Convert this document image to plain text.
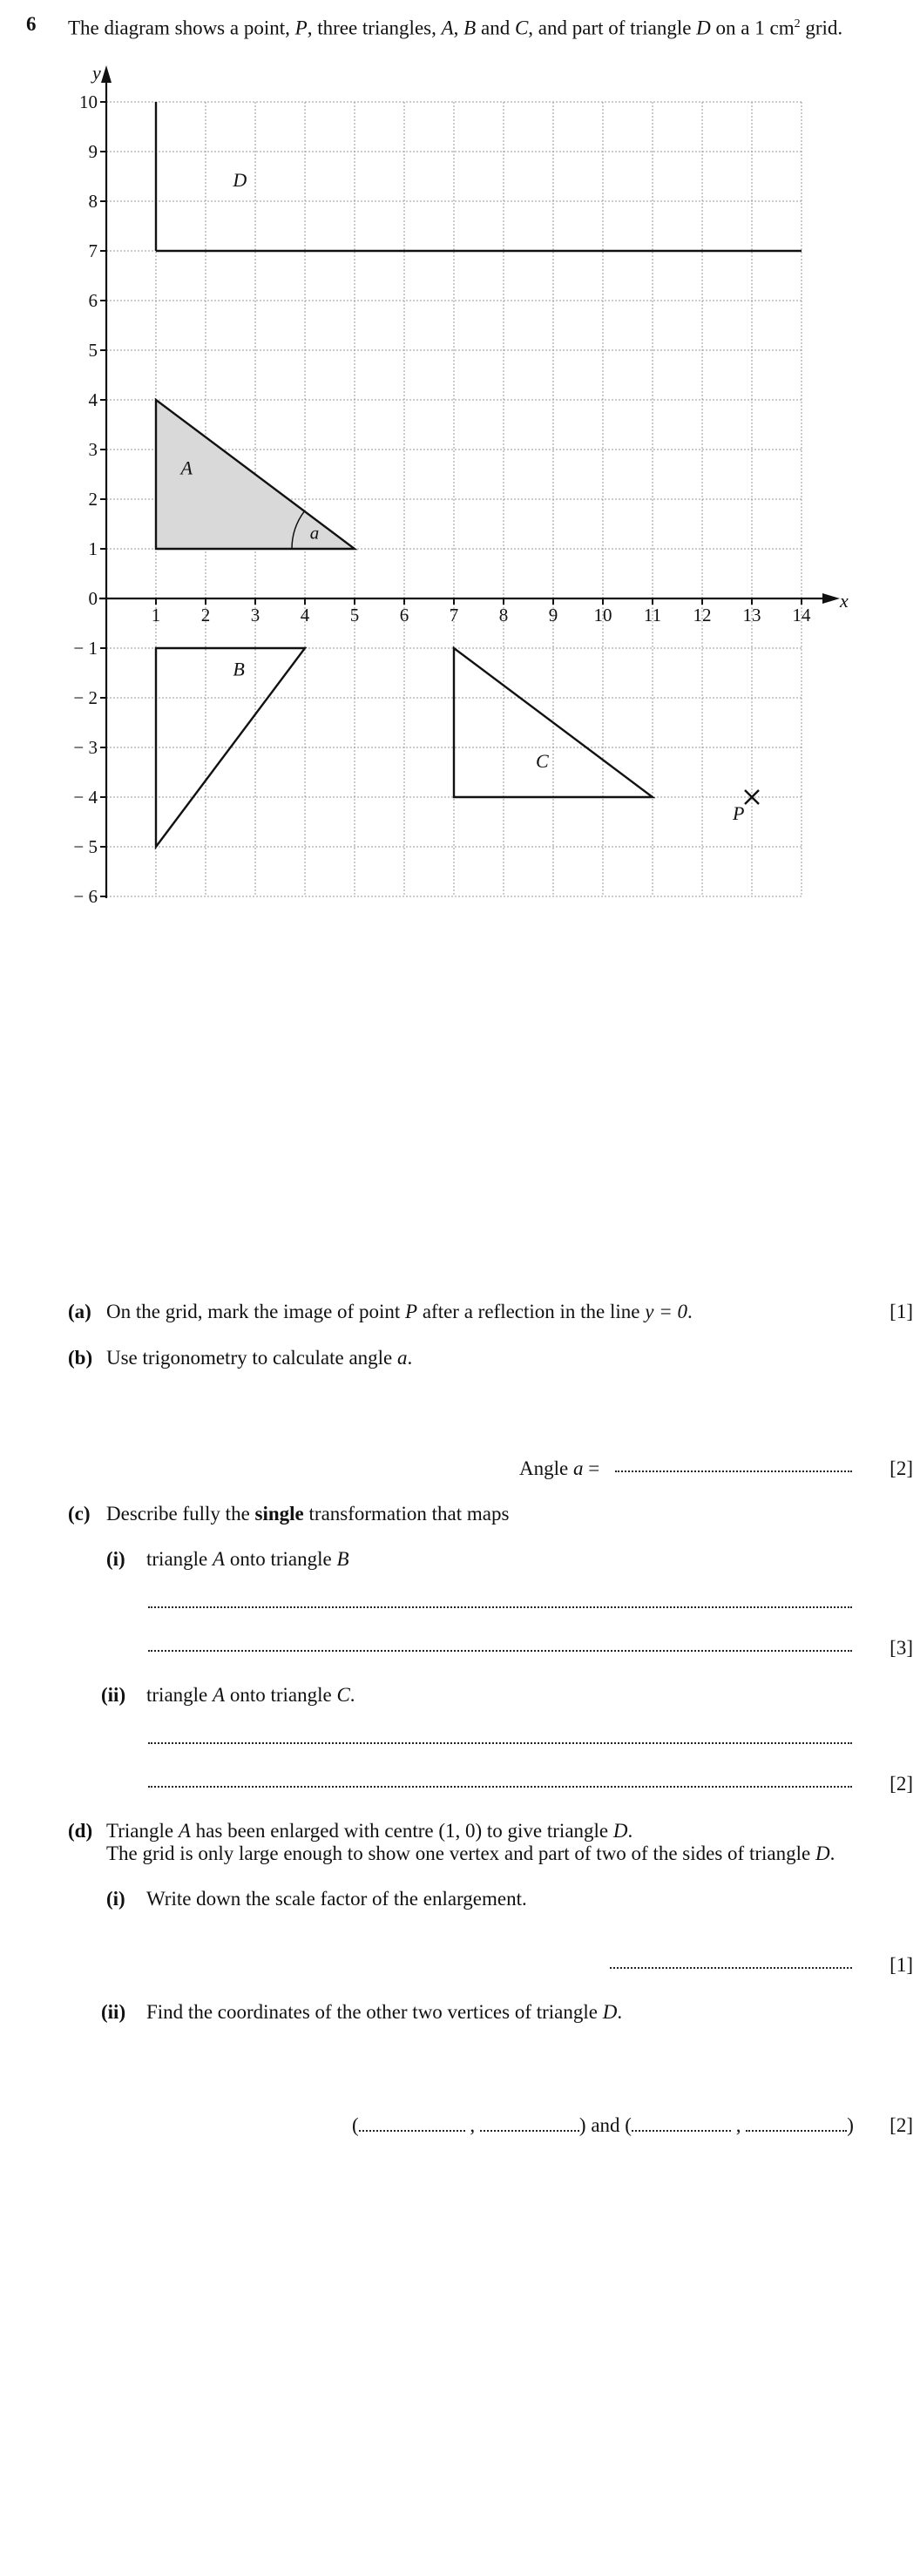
6 The diagram shows a point, P, three triangles, A, B and C, and part of triangle D on a 1 $cm^2$ grid.
10
9
8
7
6
5
4
3
2
1
0
− 1
− 2
− 3
− 4
− 5
− 6
1 2 3 4 5 6 7 8 9 10 11 12 13 14
x
y
A
B
C
D
a
P
(a) On the grid, mark the image of point P after a reflection in the line y = 0.	[1]
(b) Use trigonometry to calculate angle a.
Angle a =	[2]
(c) Describe fully the single transformation that maps
(i) triangle A onto triangle B
[3]
(ii) triangle A onto triangle C.
[2]
(d) Triangle A has been enlarged with centre (1, 0) to give triangle D.
The grid is only large enough to show one vertex and part of two of the sides of triangle D.
(i) Write down the scale factor of the enlargement.
[1]
(ii) Find the coordinates of the other two vertices of triangle D.
(	,	) and (	,	) [2]
